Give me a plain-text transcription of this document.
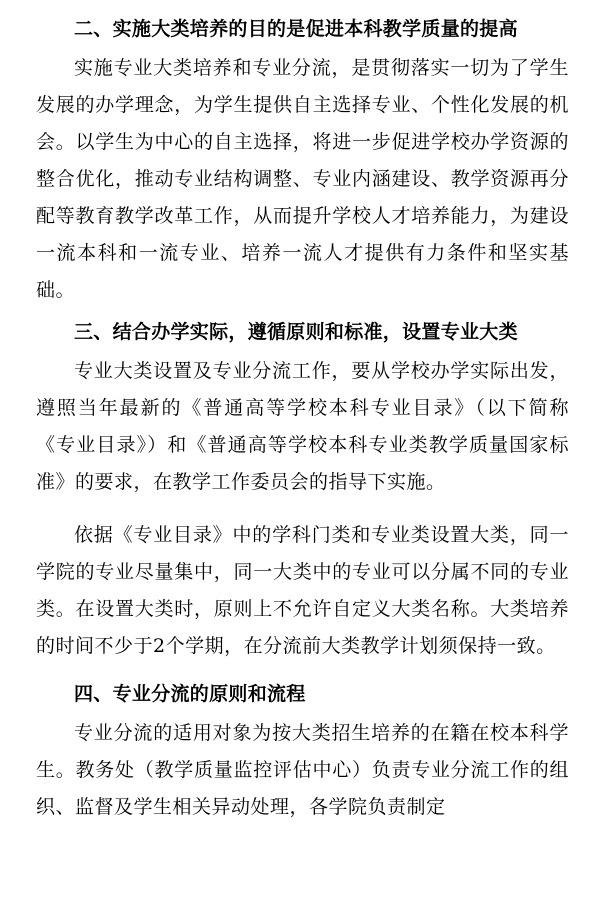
二、实施大类培养的目的是促进本科教学质量的提高

实施专业大类培养和专业分流，是贯彻落实一切为了学生发展的办学理念，为学生提供自主选择专业、个性化发展的机会。以学生为中心的自主选择，将进一步促进学校办学资源的整合优化，推动专业结构调整、专业内涵建设、教学资源再分配等教育教学改革工作，从而提升学校人才培养能力，为建设一流本科和一流专业、培养一流人才提供有力条件和坚实基础。

三、结合办学实际，遵循原则和标准，设置专业大类

专业大类设置及专业分流工作，要从学校办学实际出发，遵照当年最新的《普通高等学校本科专业目录》（以下简称《专业目录》）和《普通高等学校本科专业类教学质量国家标准》的要求，在教学工作委员会的指导下实施。

依据《专业目录》中的学科门类和专业类设置大类，同一学院的专业尽量集中，同一大类中的专业可以分属不同的专业类。在设置大类时，原则上不允许自定义大类名称。大类培养的时间不少于2个学期，在分流前大类教学计划须保持一致。

四、专业分流的原则和流程

专业分流的适用对象为按大类招生培养的在籍在校本科学生。教务处（教学质量监控评估中心）负责专业分流工作的组织、监督及学生相关异动处理，各学院负责制定
